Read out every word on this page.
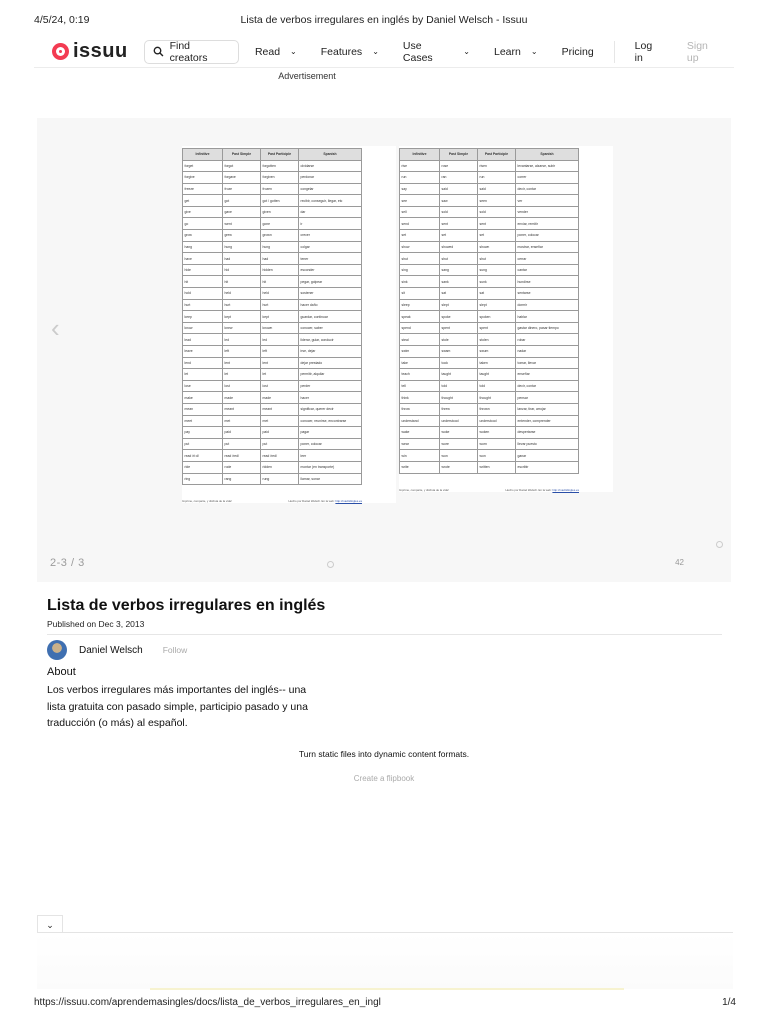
4/5/24, 0:19	Lista de verbos irregulares en inglés by Daniel Welsch - Issuu
issuu	Find creators	Read ⌄ Features ⌄ Use Cases	⌄ Learn ⌄ Pricing	Log in
Sign up
Advertisement
‹
Infinitive	Past Simple	Past Participle	Spanish
forget	forgot	forgotten	olvidarse
forgive	forgave	forgiven	perdonar
freeze	froze	frozen	congelar
get	got	got / gotten	recibir, conseguir, llegar, etc
give	gave	given	dar
go	went	gone	ir
grow	grew	grown	crecer
hang	hung	hung	colgar
have	had	had	tener
hide	hid	hidden	esconder
hit	hit	hit	pegar, golpear
hold	held	held	sostener
hurt	hurt	hurt	hacer daño
keep	kept	kept	guardar, continuar
know	knew	known	conocer, saber
lead	led	led	liderar, guiar, conducir
leave	left	left	irse, dejar
lend	lent	lent	dejar prestado
let	let	let	permitir, alquilar
lose	lost	lost	perder
make	made	made	hacer
mean	meant	meant	significar, querer decir
meet	met	met	conocer, reunirse, encontrarse
pay	paid	paid	pagar
put	put	put	poner, colocar
read /ri:d/	read /red/	read /red/	leer
ride	rode	ridden	montar (en transporte)
ring	rang	rung	llamar, sonar
Imprime, comparte, y disfruta de la vida!	Hecho por Daniel Welsch. En la web: http://madridingles.es
Infinitive	Past Simple	Past Participle	Spanish
rise	rose	risen	levantarse, alzarse, subir
run	ran	run	correr
say	said	said	decir, contar
see	saw	seen	ver
sell	sold	sold	vender
send	sent	sent	enviar, remitir
set	set	set	poner, colocar
show	showed	shown	mostrar, enseñar
shut	shut	shut	cerrar
sing	sang	sung	cantar
sink	sank	sunk	hundirse
sit	sat	sat	sentarse
sleep	slept	slept	dormir
speak	spoke	spoken	hablar
spend	spent	spent	gastar dinero, pasar tiempo
steal	stole	stolen	robar
swim	swam	swum	nadar
take	took	taken	tomar, llevar
teach	taught	taught	enseñar
tell	told	told	decir, contar
think	thought	thought	pensar
throw	threw	thrown	lanzar, tirar, arrojar
understand	understood	understood	entender, comprender
wake	woke	woken	despertarse
wear	wore	worn	llevar puesto
win	won	won	ganar
write	wrote	written	escribir
Imprime, comparte, y disfruta de la vida!	Hecho por Daniel Welsch. En la web: http://madridingles.es
2-3 / 3	42
Lista de verbos irregulares en inglés
Published on Dec 3, 2013
Daniel Welsch Follow
About

Los verbos irregulares más importantes del inglés-- una lista gratuita con pasado simple, participio pasado y una traducción (o más) al español.

Turn static files into dynamic content formats.
Create a flipbook
⌄
https://issuu.com/aprendemasingles/docs/lista_de_verbos_irregulares_en_ingl	1/4
